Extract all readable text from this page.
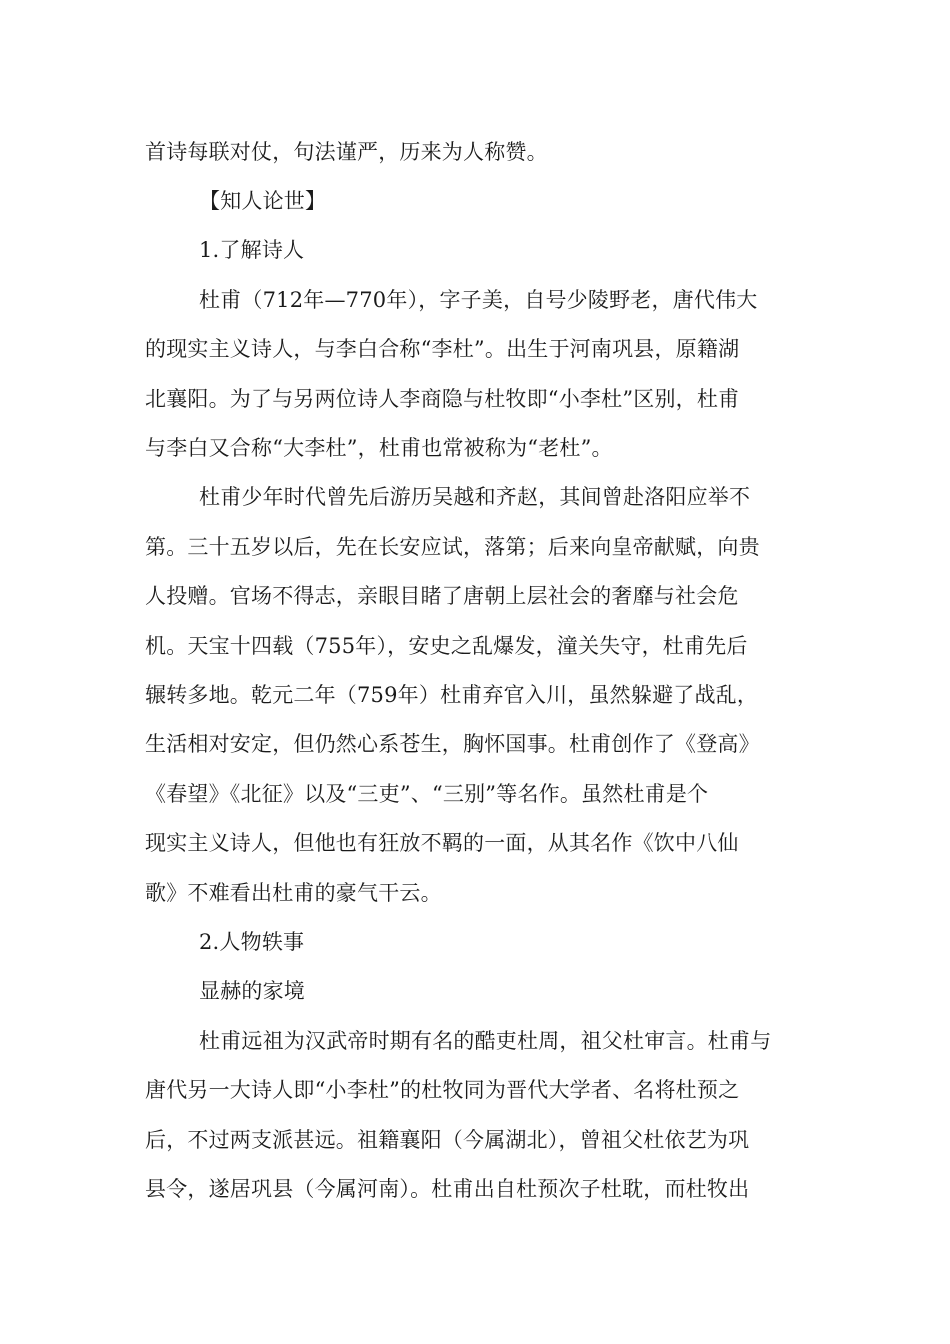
首诗每联对仗，句法谨严，历来为人称赞。
【知人论世】
1.了解诗人
杜甫（712年—770年），字子美，自号少陵野老，唐代伟大
的现实主义诗人，与李白合称“李杜”。出生于河南巩县，原籍湖
北襄阳。为了与另两位诗人李商隐与杜牧即“小李杜”区别，杜甫
与李白又合称“大李杜”，杜甫也常被称为“老杜”。
杜甫少年时代曾先后游历吴越和齐赵，其间曾赴洛阳应举不
第。三十五岁以后，先在长安应试，落第；后来向皇帝献赋，向贵
人投赠。官场不得志，亲眼目睹了唐朝上层社会的奢靡与社会危
机。天宝十四载（755年），安史之乱爆发，潼关失守，杜甫先后
辗转多地。乾元二年（759年）杜甫弃官入川，虽然躲避了战乱，
生活相对安定，但仍然心系苍生，胸怀国事。杜甫创作了《登高》
《春望》《北征》以及“三吏”、“三别”等名作。虽然杜甫是个
现实主义诗人，但他也有狂放不羁的一面，从其名作《饮中八仙
歌》不难看出杜甫的豪气干云。
2.人物轶事
显赫的家境
杜甫远祖为汉武帝时期有名的酷吏杜周，祖父杜审言。杜甫与
唐代另一大诗人即“小李杜”的杜牧同为晋代大学者、名将杜预之
后，不过两支派甚远。祖籍襄阳（今属湖北），曾祖父杜依艺为巩
县令，遂居巩县（今属河南）。杜甫出自杜预次子杜耽，而杜牧出
